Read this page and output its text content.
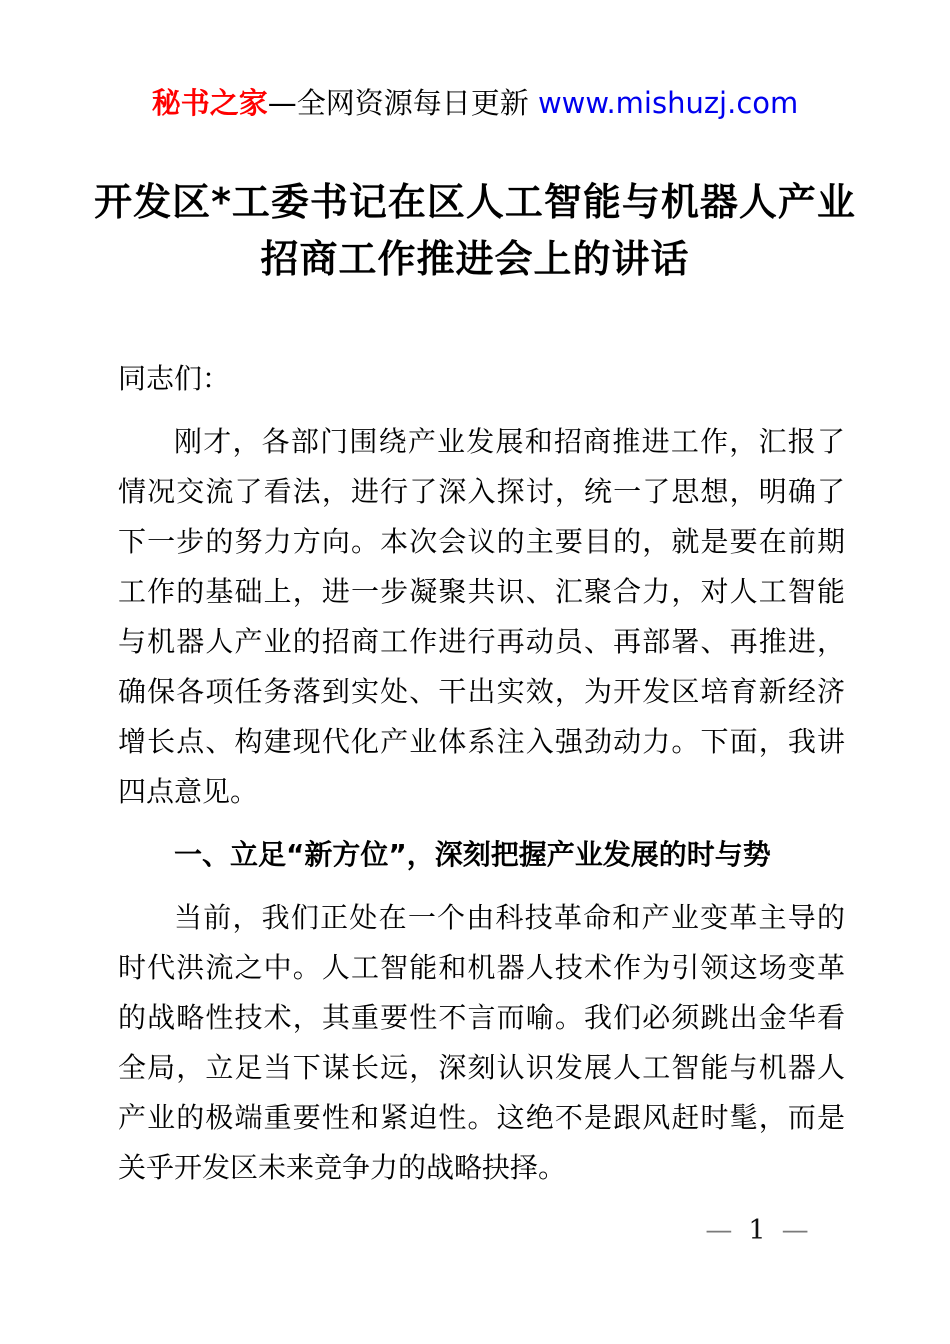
秘书之家—全网资源每日更新 www.mishuzj.com
开发区*工委书记在区人工智能与机器人产业
招商工作推进会上的讲话

同志们：

刚才，各部门围绕产业发展和招商推进工作，汇报了情况交流了看法，进行了深入探讨，统一了思想，明确了下一步的努力方向。本次会议的主要目的，就是要在前期工作的基础上，进一步凝聚共识、汇聚合力，对人工智能与机器人产业的招商工作进行再动员、再部署、再推进，确保各项任务落到实处、干出实效，为开发区培育新经济增长点、构建现代化产业体系注入强劲动力。下面，我讲四点意见。

一、立足“新方位”，深刻把握产业发展的时与势

当前，我们正处在一个由科技革命和产业变革主导的时代洪流之中。人工智能和机器人技术作为引领这场变革的战略性技术，其重要性不言而喻。我们必须跳出金华看全局，立足当下谋长远，深刻认识发展人工智能与机器人产业的极端重要性和紧迫性。这绝不是跟风赶时髦，而是关乎开发区未来竞争力的战略抉择。

— 1 —
